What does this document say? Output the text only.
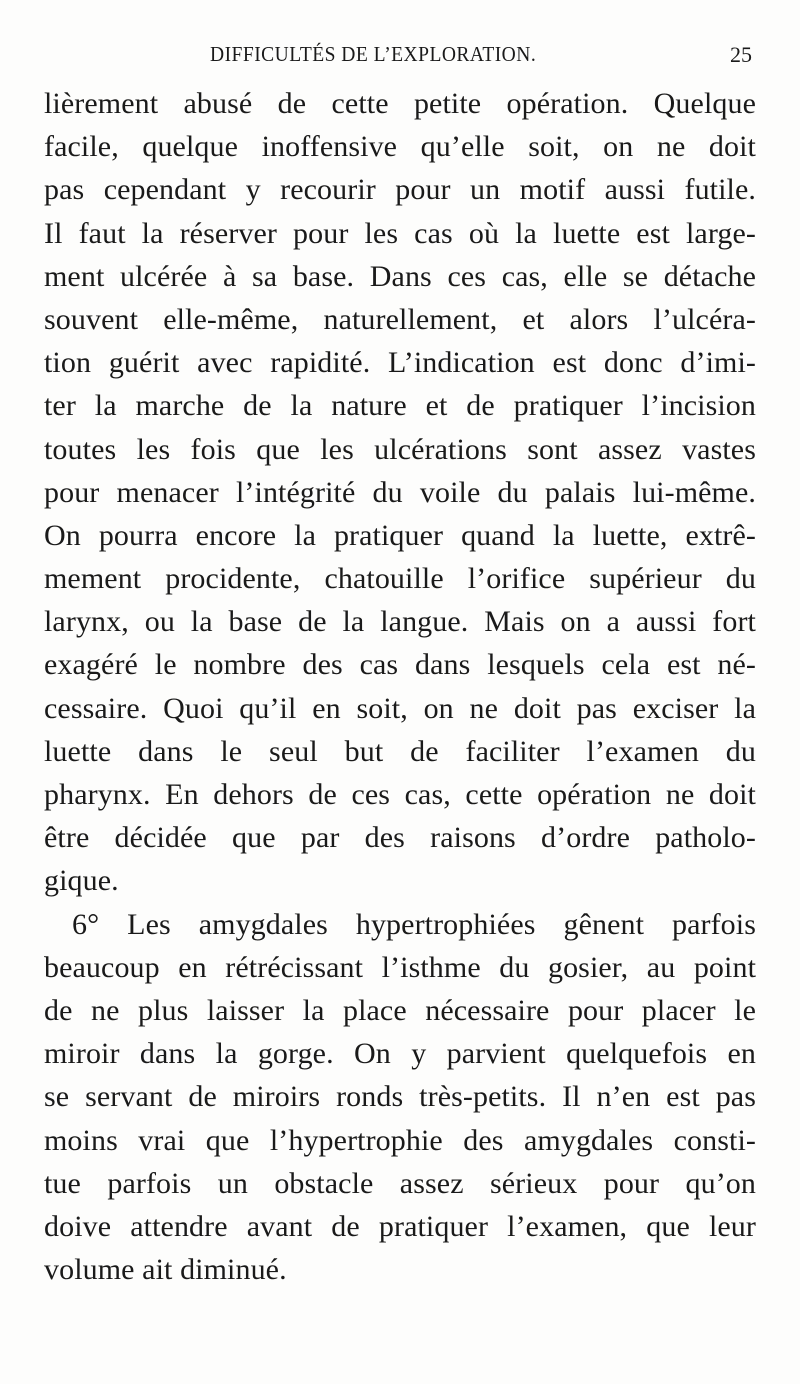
DIFFICULTÉS DE L’EXPLORATION.	25
lièrement abusé de cette petite opération. Quelque
facile, quelque inoffensive qu’elle soit, on ne doit
pas cependant y recourir pour un motif aussi futile.
Il faut la réserver pour les cas où la luette est large-
ment ulcérée à sa base. Dans ces cas, elle se détache
souvent elle-même, naturellement, et alors l’ulcéra-
tion guérit avec rapidité. L’indication est donc d’imi-
ter la marche de la nature et de pratiquer l’incision
toutes les fois que les ulcérations sont assez vastes
pour menacer l’intégrité du voile du palais lui-même.
On pourra encore la pratiquer quand la luette, extrê-
mement procidente, chatouille l’orifice supérieur du
larynx, ou la base de la langue. Mais on a aussi fort
exagéré le nombre des cas dans lesquels cela est né-
cessaire. Quoi qu’il en soit, on ne doit pas exciser la
luette dans le seul but de faciliter l’examen du
pharynx. En dehors de ces cas, cette opération ne doit
être décidée que par des raisons d’ordre patholo-
gique.
6° Les amygdales hypertrophiées gênent parfois
beaucoup en rétrécissant l’isthme du gosier, au point
de ne plus laisser la place nécessaire pour placer le
miroir dans la gorge. On y parvient quelquefois en
se servant de miroirs ronds très-petits. Il n’en est pas
moins vrai que l’hypertrophie des amygdales consti-
tue parfois un obstacle assez sérieux pour qu’on
doive attendre avant de pratiquer l’examen, que leur
volume ait diminué.
